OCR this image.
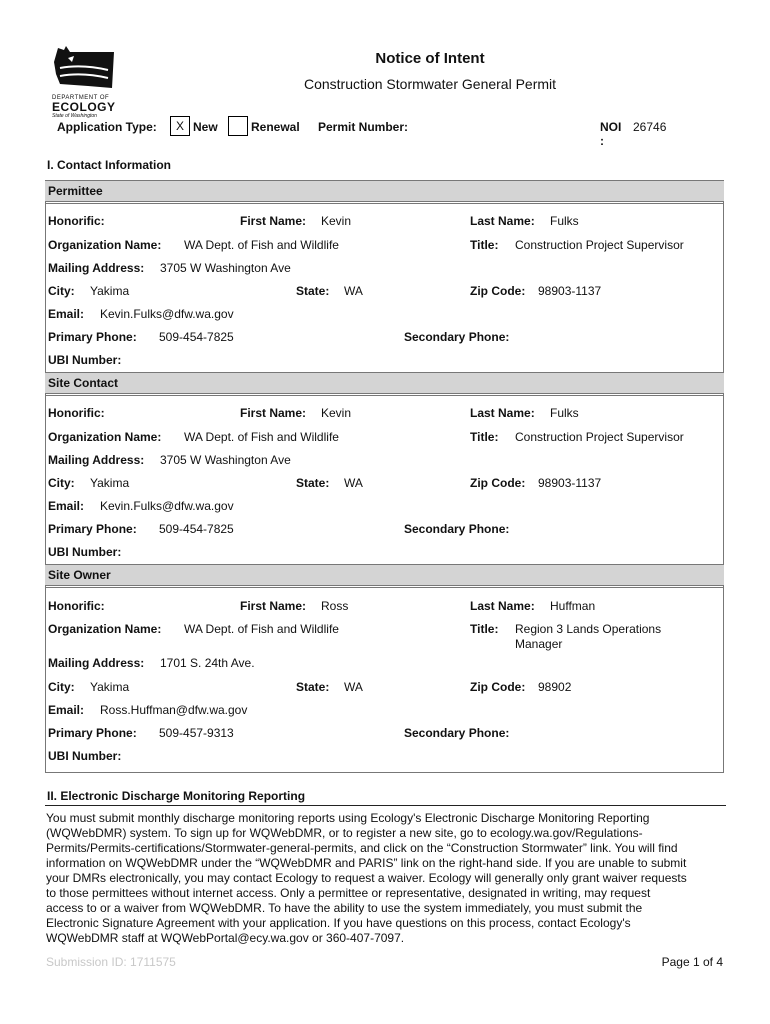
DEPARTMENT OF
ECOLOGY
State of Washington
Notice of Intent
Construction Stormwater General Permit
Application Type:	X New	Renewal Permit Number:	NOI
:
26746
I. Contact Information
Permittee
Honorific:	First Name: Kevin	Last Name: Fulks
Organization Name: WA Dept. of Fish and Wildlife	Title: Construction Project Supervisor
Mailing Address: 3705 W Washington Ave
City: Yakima	State: WA	Zip Code: 98903-1137
Email: Kevin.Fulks@dfw.wa.gov
Primary Phone: 509-454-7825	Secondary Phone:
UBI Number:
Site Contact
Honorific:	First Name: Kevin	Last Name: Fulks
Organization Name: WA Dept. of Fish and Wildlife	Title: Construction Project Supervisor
Mailing Address: 3705 W Washington Ave
City: Yakima	State: WA	Zip Code: 98903-1137
Email: Kevin.Fulks@dfw.wa.gov
Primary Phone: 509-454-7825	Secondary Phone:
UBI Number:
Site Owner
Honorific:	First Name: Ross	Last Name: Huffman
Organization Name: WA Dept. of Fish and Wildlife	Title: Region 3 Lands Operations
Manager
Mailing Address: 1701 S. 24th Ave.
City: Yakima	State: WA	Zip Code: 98902
Email: Ross.Huffman@dfw.wa.gov
Primary Phone: 509-457-9313	Secondary Phone:
UBI Number:
II. Electronic Discharge Monitoring Reporting
You must submit monthly discharge monitoring reports using Ecology's Electronic Discharge Monitoring Reporting
(WQWebDMR) system. To sign up for WQWebDMR, or to register a new site, go to ecology.wa.gov/Regulations-
Permits/Permits-certifications/Stormwater-general-permits, and click on the “Construction Stormwater” link. You will find
information on WQWebDMR under the “WQWebDMR and PARIS” link on the right-hand side. If you are unable to submit
your DMRs electronically, you may contact Ecology to request a waiver. Ecology will generally only grant waiver requests
to those permittees without internet access. Only a permittee or representative, designated in writing, may request
access to or a waiver from WQWebDMR. To have the ability to use the system immediately, you must submit the
Electronic Signature Agreement with your application. If you have questions on this process, contact Ecology's
WQWebDMR staff at WQWebPortal@ecy.wa.gov or 360-407-7097.
Submission ID: 1711575	Page 1 of 4
